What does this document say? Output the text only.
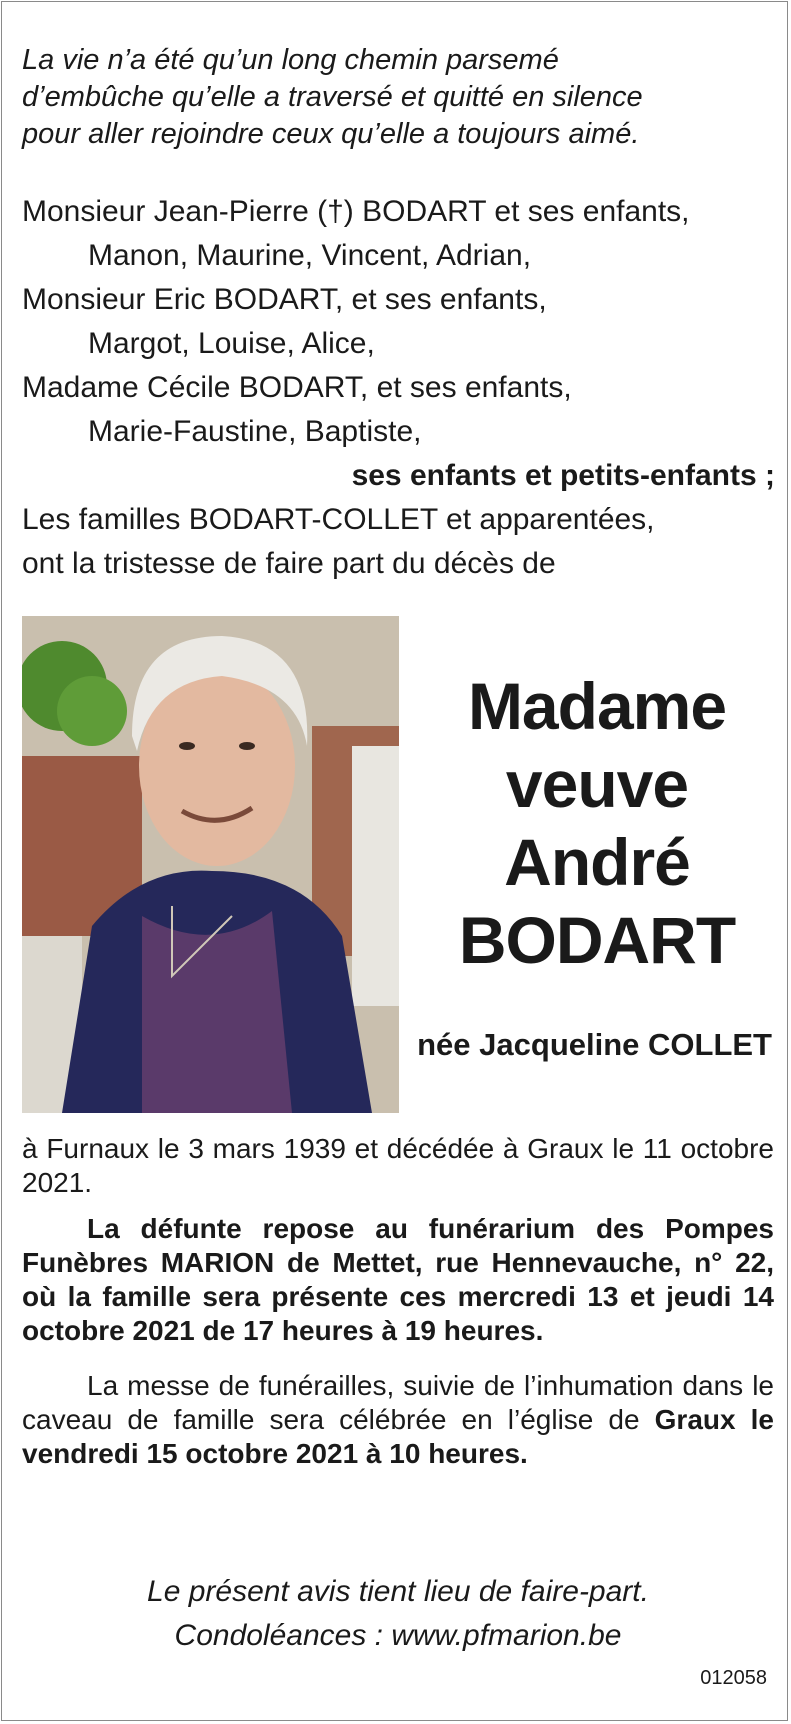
La vie n’a été qu’un long chemin parsemé
d’embûche qu’elle a traversé et quitté en silence
pour aller rejoindre ceux qu’elle a toujours aimé.

Monsieur Jean-Pierre (†) BODART et ses enfants,
Manon, Maurine, Vincent, Adrian,
Monsieur Eric BODART, et ses enfants,
Margot, Louise, Alice,
Madame Cécile BODART, et ses enfants,
Marie-Faustine, Baptiste,
ses enfants et petits-enfants ;
Les familles BODART-COLLET et apparentées,
ont la tristesse de faire part du décès de
Madame
veuve
André
BODART
née Jacqueline COLLET

à Furnaux le 3 mars 1939 et décédée à Graux le 11 octobre 2021.

La défunte repose au funérarium des Pompes Funèbres MARION de Mettet, rue Hennevauche, n° 22, où la famille sera présente ces mercredi 13 et jeudi 14 octobre 2021 de 17 heures à 19 heures.

La messe de funérailles, suivie de l’inhumation dans le caveau de famille sera célébrée en l’église de Graux le vendredi 15 octobre 2021 à 10 heures.

Le présent avis tient lieu de faire-part.
Condoléances : www.pfmarion.be
012058
